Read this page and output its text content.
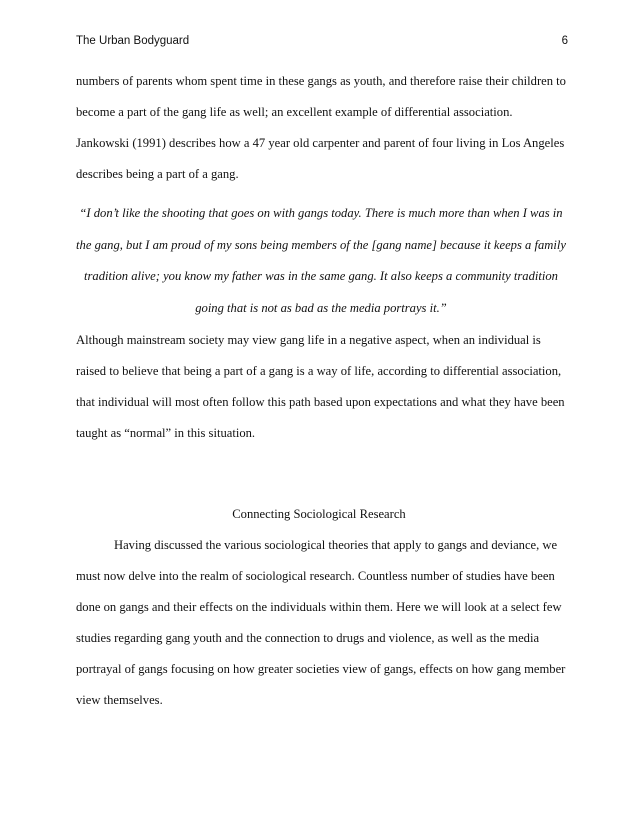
The Urban Bodyguard	6
numbers of parents whom spent time in these gangs as youth, and therefore raise their children to
become a part of the gang life as well; an excellent example of differential association.
Jankowski (1991) describes how a 47 year old carpenter and parent of four living in Los Angeles
describes being a part of a gang.
“I don’t like the shooting that goes on with gangs today. There is much more than when I was in
the gang, but I am proud of my sons being members of the [gang name] because it keeps a family
tradition alive; you know my father was in the same gang. It also keeps a community tradition
going that is not as bad as the media portrays it.”
Although mainstream society may view gang life in a negative aspect, when an individual is
raised to believe that being a part of a gang is a way of life, according to differential association,
that individual will most often follow this path based upon expectations and what they have been
taught as “normal” in this situation.
Connecting Sociological Research
Having discussed the various sociological theories that apply to gangs and deviance, we
must now delve into the realm of sociological research. Countless number of studies have been
done on gangs and their effects on the individuals within them. Here we will look at a select few
studies regarding gang youth and the connection to drugs and violence, as well as the media
portrayal of gangs focusing on how greater societies view of gangs, effects on how gang member
view themselves.
